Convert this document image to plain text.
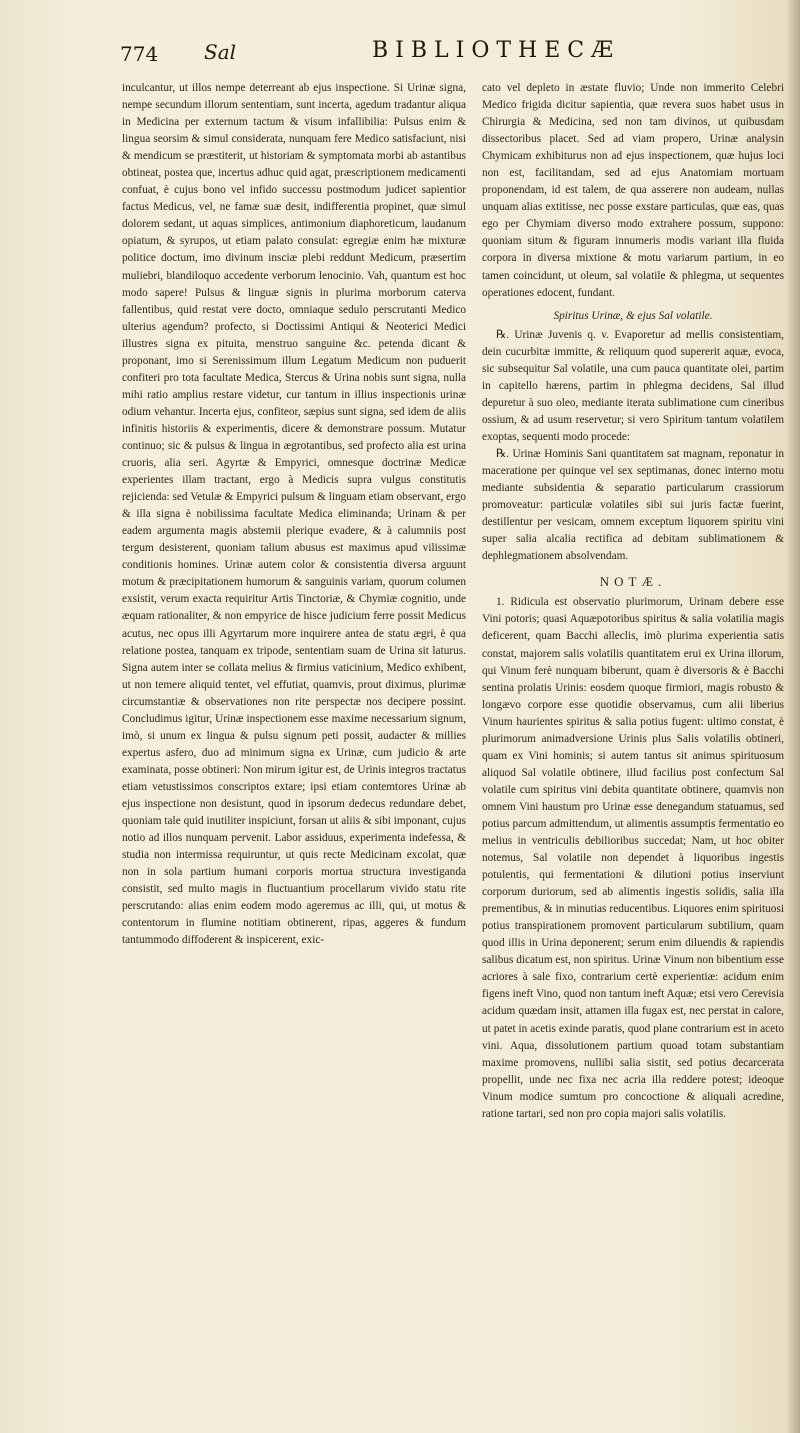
774 Sal	BIBLIOTHECÆ

inculcantur, ut illos nempe deterreant ab ejus inspectione. Si Urinæ signa, nempe secundum illorum sententiam, sunt incerta, agedum tradantur aliqua in Medicina per externum tactum & visum infallibilia: Pulsus enim & lingua seorsim & simul considerata, nunquam fere Medico satisfaciunt, nisi & mendicum se præstiterit, ut historiam & symptomata morbi ab astantibus obtineat, postea que, incertus adhuc quid agat, præscriptionem medicamenti confuat, è cujus bono vel infido successu postmodum judicet sapientior factus Medicus, vel, ne famæ suæ desit, indifferentia propinet, quæ simul dolorem sedant, ut aquas simplices, antimonium diaphoreticum, laudanum opiatum, & syrupos, ut etiam palato consulat: egregiæ enim hæ mixturæ politice doctum, imo divinum insciæ plebi reddunt Medicum, præsertim muliebri, blandiloquo accedente verborum lenocinio. Vah, quantum est hoc modo sapere! Pulsus & linguæ signis in plurima morborum caterva fallentibus, quid restat vere docto, omniaque sedulo perscrutanti Medico ulterius agendum? profecto, si Doctissimi Antiqui & Neoterici Medici illustres signa ex pituita, menstruo sanguine &c. petenda dicant & proponant, imo si Serenissimum illum Legatum Medicum non puduerit confiteri pro tota facultate Medica, Stercus & Urina nobis sunt signa, nulla mihi ratio amplius restare videtur, cur tantum in illius inspectionis urinæ odium vehantur. Incerta ejus, confiteor, sæpius sunt signa, sed idem de aliis infinitis historiis & experimentis, dicere & demonstrare possum. Mutatur continuo; sic & pulsus & lingua in ægrotantibus, sed profecto alia est urina cruoris, alia seri. Agyrtæ & Empyrici, omnesque doctrinæ Medicæ experientes illam tractant, ergo à Medicis supra vulgus constitutis rejicienda: sed Vetulæ & Empyrici pulsum & linguam etiam observant, ergo & illa signa è nobilissima facultate Medica eliminanda; Urinam & per eadem argumenta magis abstemii plerique evadere, & à calumniis post tergum desisterent, quoniam talium abusus est maximus apud vilissimæ conditionis homines. Urinæ autem color & consistentia diversa arguunt motum & præcipitationem humorum & sanguinis variam, quorum columen exsistit, verum exacta requiritur Artis Tinctoriæ, & Chymiæ cognitio, unde æquam rationaliter, & non empyrice de hisce judicium ferre possit Medicus acutus, nec opus illi Agyrtarum more inquirere antea de statu ægri, è qua relatione postea, tanquam ex tripode, sententiam suam de Urina sit laturus. Signa autem inter se collata melius & firmius vaticinium, Medico exhibent, ut non temere aliquid tentet, vel effutiat, quamvis, prout diximus, plurimæ circumstantiæ & observationes non rite perspectæ nos decipere possint. Concludimus igitur, Urinæ inspectionem esse maxime necessarium signum, imò, si unum ex lingua & pulsu signum peti possit, audacter & millies expertus asfero, duo ad minimum signa ex Urinæ, cum judicio & arte examinata, posse obtineri: Non mirum igitur est, de Urinis integros tractatus etiam vetustissimos conscriptos extare; ipsi etiam contemtores Urinæ ab ejus inspectione non desistunt, quod in ipsorum dedecus redundare debet, quoniam tale quid inutiliter inspiciunt, forsan ut aliis & sibi imponant, cujus notio ad illos nunquam pervenit. Labor assiduus, experimenta indefessa, & studia non intermissa requiruntur, ut quis recte Medicinam excolat, quæ non in sola partium humani corporis mortua structura investiganda consistit, sed multo magis in fluctuantium procellarum vivido statu rite perscrutando: alias enim eodem modo ageremus ac illi, qui, ut motus & contentorum in flumine notitiam obtinerent, ripas, aggeres & fundum tantummodo diffoderent & inspicerent, exic-

cato vel depleto in æstate fluvio; Unde non immerito Celebri Medico frigida dicitur sapientia, quæ revera suos habet usus in Chirurgia & Medicina, sed non tam divinos, ut quibusdam dissectoribus placet. Sed ad viam propero, Urinæ analysin Chymicam exhibiturus non ad ejus inspectionem, quæ hujus loci non est, facilitandam, sed ad ejus Anatomiam mortuam proponendam, id est talem, de qua asserere non audeam, nullas unquam alias extitisse, nec posse exstare particulas, quæ eas, quas ego per Chymiam diverso modo extrahere possum, suppono: quoniam situm & figuram innumeris modis variant illa fluida corpora in diversa mixtione & motu variarum partium, in eo tamen coincidunt, ut oleum, sal volatile & phlegma, ut sequentes operationes edocent, fundant.

Spiritus Urinæ, & ejus Sal volatile.

℞. Urinæ Juvenis q. v. Evaporetur ad mellis consistentiam, dein cucurbitæ immitte, & reliquum quod supererit aquæ, evoca, sic subsequitur Sal volatile, una cum pauca quantitate olei, partim in capitello hærens, partim in phlegma decidens, Sal illud depuretur à suo oleo, mediante iterata sublimatione cum cineribus ossium, & ad usum reservetur; si vero Spiritum tantum volatilem exoptas, sequenti modo procede:

℞. Urinæ Hominis Sani quantitatem sat magnam, reponatur in maceratione per quinque vel sex septimanas, donec interno motu mediante subsidentia & separatio particularum crassiorum promoveatur: particulæ volatiles sibi sui juris factæ fuerint, destillentur per vesicam, omnem exceptum liquorem spiritu vini super salia alcalia rectifica ad debitam sublimationem & dephlegmationem absolvendam.

NOTÆ.

1. Ridicula est observatio plurimorum, Urinam debere esse Vini potoris; quasi Aquæpotoribus spiritus & salia volatilia magis deficerent, quam Bacchi alleclis, imò plurima experientia satis constat, majorem salis volatilis quantitatem erui ex Urina illorum, qui Vinum ferè nunquam biberunt, quam è diversoris & è Bacchi sentina prolatis Urinis: eosdem quoque firmiori, magis robusto & longævo corpore esse quotidie observamus, cum alii liberius Vinum haurientes spiritus & salia potius fugent: ultimo constat, è plurimorum animadversione Urinis plus Salis volatilis obtineri, quam ex Vini hominis; si autem tantus sit animus spirituosum aliquod Sal volatile obtinere, illud facilius post confectum Sal volatile cum spiritus vini debita quantitate obtinere, quamvis non omnem Vini haustum pro Urinæ esse denegandum statuamus, sed potius parcum admittendum, ut alimentis assumptis fermentatio eo melius in ventriculis debilioribus succedat; Nam, ut hoc obiter notemus, Sal volatile non dependet à liquoribus ingestis potulentis, qui fermentationi & dilutioni potius inserviunt corporum duriorum, sed ab alimentis ingestis solidis, salia illa prementibus, & in minutias reducentibus. Liquores enim spirituosi potius transpirationem promovent particularum subtilium, quam quod illis in Urina deponerent; serum enim diluendis & rapiendis salibus dicatum est, non spiritus. Urinæ Vinum non bibentium esse acriores à sale fixo, contrarium certè experientiæ: acidum enim figens ineft Vino, quod non tantum ineft Aquæ; etsi vero Cerevisia acidum quædam insit, attamen illa fugax est, nec perstat in calore, ut patet in acetis exinde paratis, quod plane contrarium est in aceto vini. Aqua, dissolutionem partium quoad totam substantiam maxime promovens, nullibi salia sistit, sed potius decarcerata propellit, unde nec fixa nec acria illa reddere potest; ideoque Vinum modice sumtum pro concoctione & aliquali acredine, ratione tartari, sed non pro copia majori salis volatilis.
